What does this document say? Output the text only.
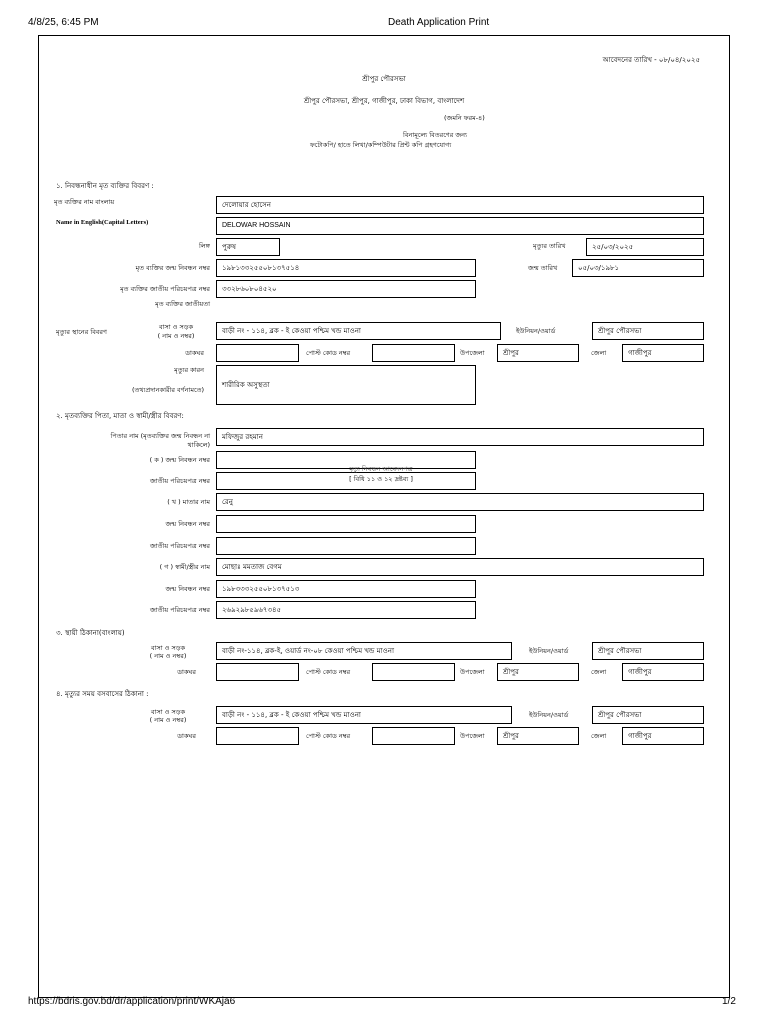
4/8/25, 6:45 PM	Death Application Print
আবেদনের তারিখ - ০৮/০৪/২০২৫
শ্রীপুর পৌরসভা
শ্রীপুর পৌরসভা, শ্রীপুর, গাজীপুর, ঢাকা বিভাগ, বাংলাদেশ
(জমনি ফরম-৪)
বিনামূল্যে বিতরণের জন্য
ফটোকপি/ হাতে লিখা/কম্পিউটার প্রিন্ট কপি গ্রহণযোগ্য
১. নিবন্ধনাধীন মৃত ব্যক্তির বিবরণ :
মৃত ব্যক্তির নাম বাংলায়	দেলোয়ার হোসেন
Name in English(Capital Letters)	DELOWAR HOSSAIN
লিঙ্গ	পুরুষ	মৃত্যুর তারিখ	২৫/০৩/২০২৫
মৃত ব্যক্তির জন্ম নিবন্ধন নম্বর	১৯৮১৩৩২৫৫০৮১৩৭৫১৪	জন্ম তারিখ	০৫/০৩/১৯৮১
মৃত ব্যক্তির জাতীয় পরিচয়পত্র নম্বর	৩৩২৮৬০৮০৪৫২০
মৃত ব্যক্তির জাতীয়তা
মৃত্যুর স্থানের বিবরণ
বাসা ও সড়ক
( নাম ও নম্বর)
বাড়ী নং - ১১৪, ব্লক - ই কেওয়া পশ্চিম খন্ড মাওনা	ইউনিয়ন/ওয়ার্ড	শ্রীপুর পৌরসভা
ডাকঘর	পোস্ট কোড নম্বর	উপজেলা	শ্রীপুর	জেলা	গাজীপুর
মৃত্যুর কারন
(তথ্যপ্রদানকারীর বর্ণনামতে)
শারীরিক অসুস্থতা
২. মৃতব্যক্তির পিতা, মাতা ও স্বামী/স্ত্রীর বিবরণ:
পিতার নাম (মৃতব্যক্তির জন্ম নিবন্ধন না
থাকিলে)
মফিজুর রহমান
( ক ) জন্ম নিবন্ধন নম্বর
জাতীয় পরিচয়পত্র নম্বর
মৃত্যু নিবন্ধন আবেদনপত্র
[ বিধি ১১ ও ১২ দ্রষ্টব্য ]
( খ ) মাতার নাম	রেনু
জন্ম নিবন্ধন নম্বর
জাতীয় পরিচয়পত্র নম্বর
( গ ) স্বামী/স্ত্রীর নাম	মোছাঃ মমতাজ বেগম
জন্ম নিবন্ধন নম্বর	১৯৮৩৩৩২৫৫০৮১৩৭৫১৩
জাতীয় পরিচয়পত্র নম্বর	২৬৯২৯৮৫৯৬৭৩৪৫
৩. স্থায়ী ঠিকানা(বাংলায়)
বাসা ও সড়ক
( নাম ও নম্বর)
বাড়ী নং-১১৪, ব্লক-ই, ওয়ার্ড নং-০৮ কেওয়া পশ্চিম খন্ড মাওনা	ইউনিয়ন/ওয়ার্ড	শ্রীপুর পৌরসভা
ডাকঘর	পোস্ট কোড নম্বর	উপজেলা	শ্রীপুর	জেলা	গাজীপুর
৪. মৃত্যুর সময় বসবাসের ঠিকানা :
বাসা ও সড়ক
( নাম ও নম্বর)
বাড়ী নং - ১১৪, ব্লক - ই কেওয়া পশ্চিম খন্ড মাওনা	ইউনিয়ন/ওয়ার্ড	শ্রীপুর পৌরসভা
ডাকঘর	পোস্ট কোড নম্বর	উপজেলা	শ্রীপুর	জেলা	গাজীপুর
https://bdris.gov.bd/dr/application/print/WKAja6	1/2
